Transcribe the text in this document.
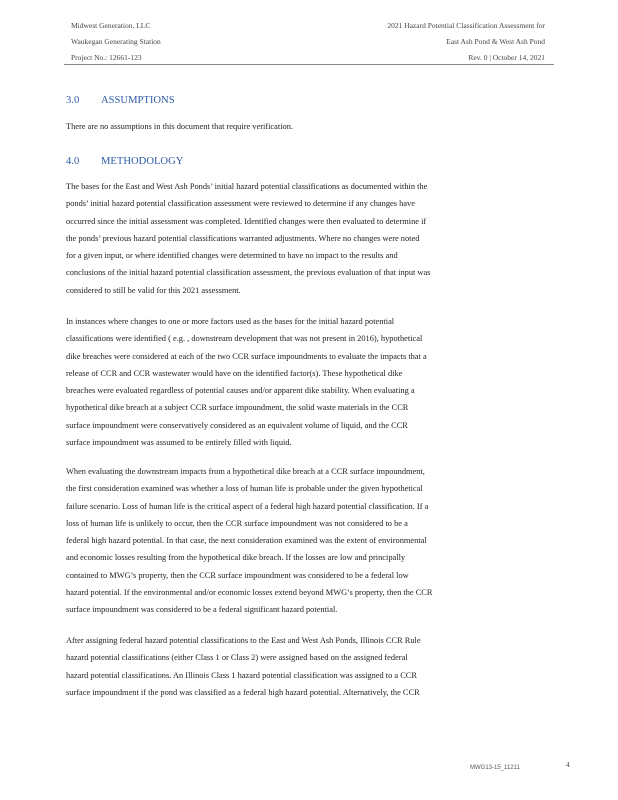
Midwest Generation, LLC
Waukegan Generating Station
Project No.: 12661-123
2021 Hazard Potential Classification Assessment for
East Ash Pond & West Ash Pond
Rev. 0 | October 14, 2021
3.0 ASSUMPTIONS
There are no assumptions in this document that require verification.
4.0 METHODOLOGY
The bases for the East and West Ash Ponds’ initial hazard potential classifications as documented within the
ponds’ initial hazard potential classification assessment were reviewed to determine if any changes have
occurred since the initial assessment was completed. Identified changes were then evaluated to determine if
the ponds’ previous hazard potential classifications warranted adjustments. Where no changes were noted
for a given input, or where identified changes were determined to have no impact to the results and
conclusions of the initial hazard potential classification assessment, the previous evaluation of that input was
considered to still be valid for this 2021 assessment.
In instances where changes to one or more factors used as the bases for the initial hazard potential
classifications were identified ( e.g. , downstream development that was not present in 2016), hypothetical
dike breaches were considered at each of the two CCR surface impoundments to evaluate the impacts that a
release of CCR and CCR wastewater would have on the identified factor(s). These hypothetical dike
breaches were evaluated regardless of potential causes and/or apparent dike stability. When evaluating a
hypothetical dike breach at a subject CCR surface impoundment, the solid waste materials in the CCR
surface impoundment were conservatively considered as an equivalent volume of liquid, and the CCR
surface impoundment was assumed to be entirely filled with liquid.
When evaluating the downstream impacts from a hypothetical dike breach at a CCR surface impoundment,
the first consideration examined was whether a loss of human life is probable under the given hypothetical
failure scenario. Loss of human life is the critical aspect of a federal high hazard potential classification. If a
loss of human life is unlikely to occur, then the CCR surface impoundment was not considered to be a
federal high hazard potential. In that case, the next consideration examined was the extent of environmental
and economic losses resulting from the hypothetical dike breach. If the losses are low and principally
contained to MWG’s property, then the CCR surface impoundment was considered to be a federal low
hazard potential. If the environmental and/or economic losses extend beyond MWG’s property, then the CCR
surface impoundment was considered to be a federal significant hazard potential.
After assigning federal hazard potential classifications to the East and West Ash Ponds, Illinois CCR Rule
hazard potential classifications (either Class 1 or Class 2) were assigned based on the assigned federal
hazard potential classifications. An Illinois Class 1 hazard potential classification was assigned to a CCR
surface impoundment if the pond was classified as a federal high hazard potential. Alternatively, the CCR
MWG13-15_11211	4
